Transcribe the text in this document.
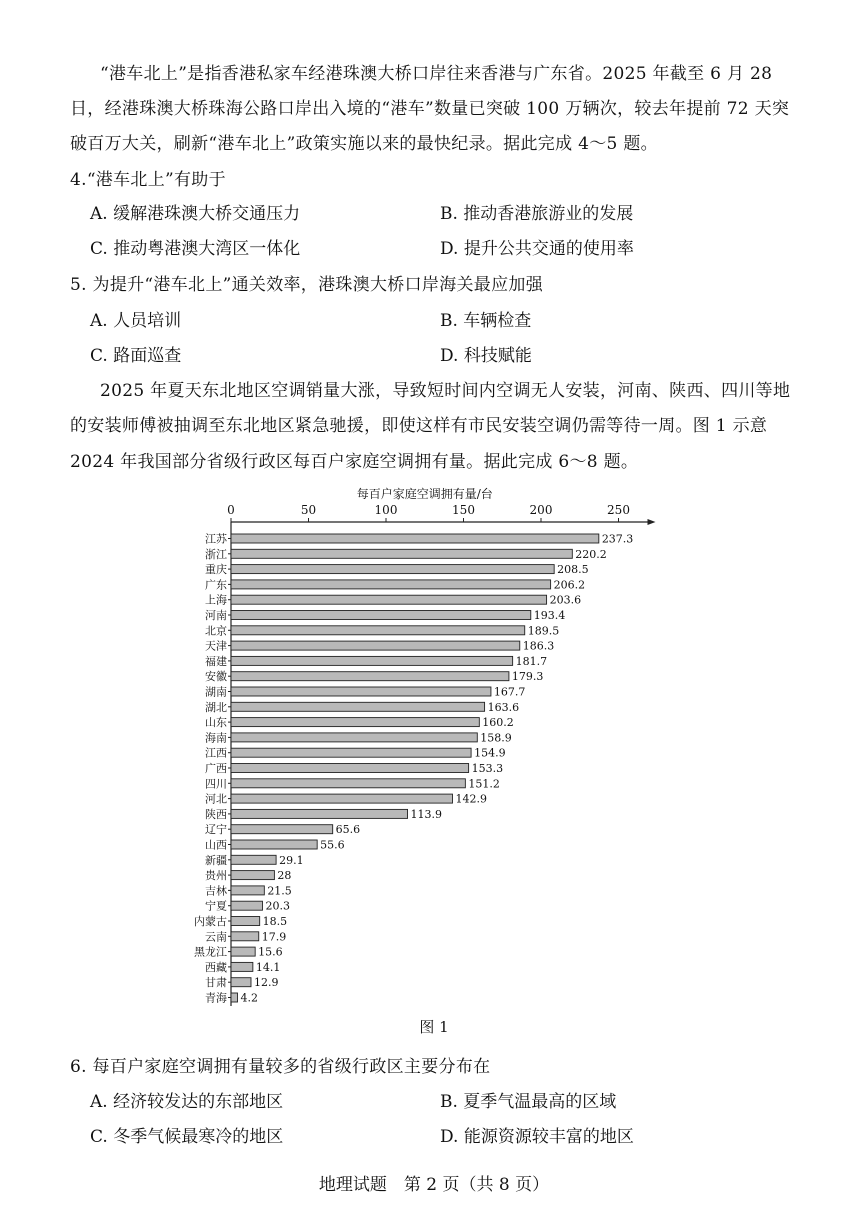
“港车北上”是指香港私家车经港珠澳大桥口岸往来香港与广东省。2025 年截至 6 月 28
日，经港珠澳大桥珠海公路口岸出入境的“港车”数量已突破 100 万辆次，较去年提前 72 天突
破百万大关，刷新“港车北上”政策实施以来的最快纪录。据此完成 4～5 题。
4.“港车北上”有助于
A. 缓解港珠澳大桥交通压力	B. 推动香港旅游业的发展
C. 推动粤港澳大湾区一体化	D. 提升公共交通的使用率
5. 为提升“港车北上”通关效率，港珠澳大桥口岸海关最应加强
A. 人员培训	B. 车辆检查
C. 路面巡查	D. 科技赋能
2025 年夏天东北地区空调销量大涨，导致短时间内空调无人安装，河南、陕西、四川等地
的安装师傅被抽调至东北地区紧急驰援，即使这样有市民安装空调仍需等待一周。图 1 示意
2024 年我国部分省级行政区每百户家庭空调拥有量。据此完成 6～8 题。
每百户家庭空调拥有量/台
0	50	100	150	200	250
江苏	237.3
浙江	220.2
重庆	208.5
广东	206.2
上海	203.6
河南	193.4
北京	189.5
天津	186.3
福建	181.7
安徽	179.3
湖南	167.7
湖北	163.6
山东	160.2
海南	158.9
江西	154.9
广西	153.3
四川	151.2
河北	142.9
陕西	113.9
辽宁	65.6
山西	55.6
新疆	29.1
贵州	28
吉林	21.5
宁夏	20.3
内蒙古	18.5
云南	17.9
黑龙江	15.6
西藏	14.1
甘肃 12.9
青海 4.2
图 1
6. 每百户家庭空调拥有量较多的省级行政区主要分布在
A. 经济较发达的东部地区	B. 夏季气温最高的区域
C. 冬季气候最寒冷的地区	D. 能源资源较丰富的地区
地理试题　第 2 页（共 8 页）
